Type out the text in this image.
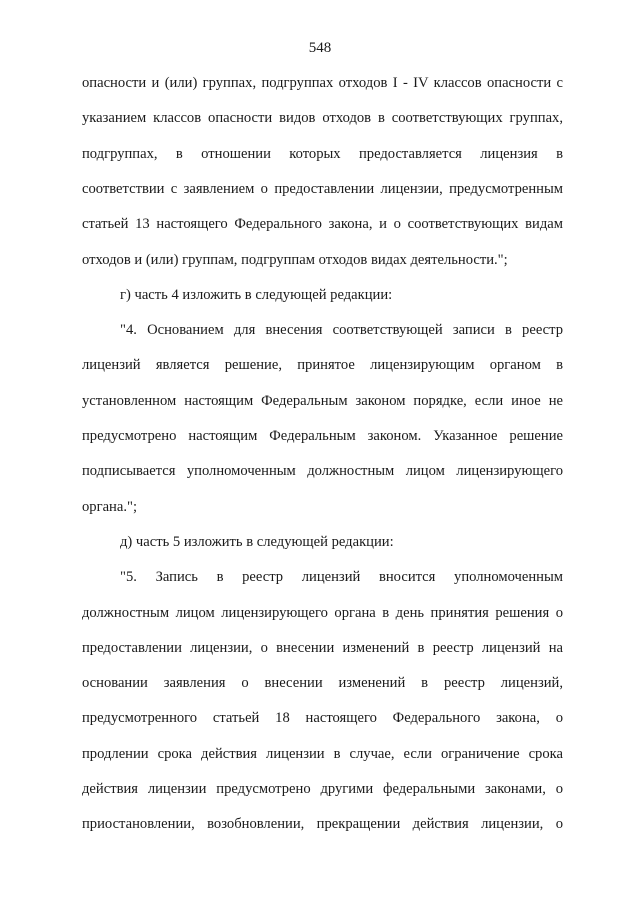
548
опасности и (или) группах, подгруппах отходов I - IV классов опасности с
указанием классов опасности видов отходов в соответствующих группах,
подгруппах, в отношении которых предоставляется лицензия в
соответствии с заявлением о предоставлении лицензии, предусмотренным
статьей 13 настоящего Федерального закона, и о соответствующих видам
отходов и (или) группам, подгруппам отходов видах деятельности.";
г) часть 4 изложить в следующей редакции:
"4. Основанием для внесения соответствующей записи в реестр
лицензий является решение, принятое лицензирующим органом в
установленном настоящим Федеральным законом порядке, если иное не
предусмотрено настоящим Федеральным законом. Указанное решение
подписывается уполномоченным должностным лицом лицензирующего
органа.";
д) часть 5 изложить в следующей редакции:
"5. Запись в реестр лицензий вносится уполномоченным
должностным лицом лицензирующего органа в день принятия решения о
предоставлении лицензии, о внесении изменений в реестр лицензий на
основании заявления о внесении изменений в реестр лицензий,
предусмотренного статьей 18 настоящего Федерального закона, о
продлении срока действия лицензии в случае, если ограничение срока
действия лицензии предусмотрено другими федеральными законами, о
приостановлении, возобновлении, прекращении действия лицензии, о
